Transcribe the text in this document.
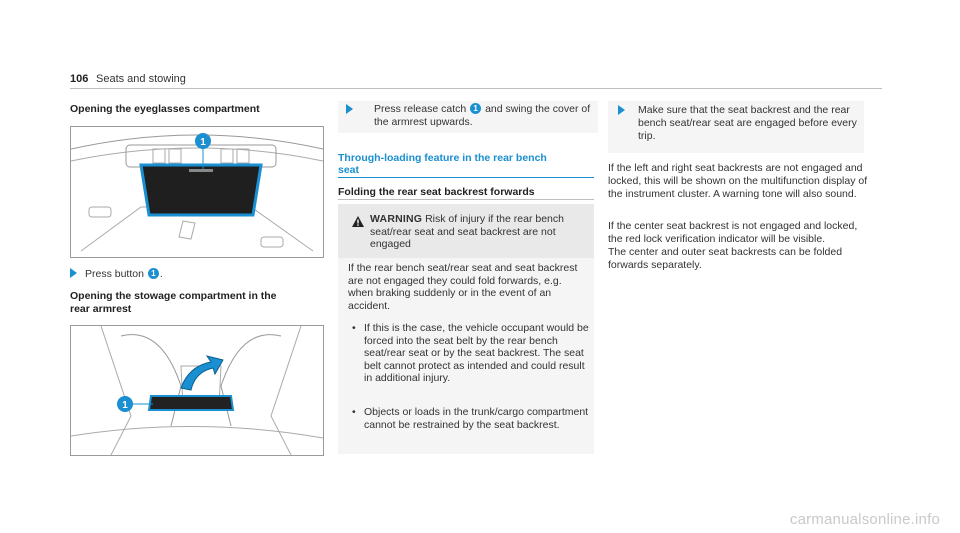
106 Seats and stowing
Opening the eyeglasses compartment
1
Press button 1 .
Opening the stowage compartment in the
rear armrest
1
Press release catch 1 and swing the cover of the armrest upwards.
Through-loading feature in the rear bench
seat
Folding the rear seat backrest forwards
WARNING Risk of injury if the rear bench seat/rear seat and seat backrest are not engaged
If the rear bench seat/rear seat and seat backrest are not engaged they could fold forwards, e.g. when braking suddenly or in the event of an accident.
• If this is the case, the vehicle occupant would be forced into the seat belt by the rear bench seat/rear seat or by the seat backrest. The seat belt cannot protect as intended and could result in additional injury.
• Objects or loads in the trunk/cargo compartment cannot be restrained by the seat backrest.
Make sure that the seat backrest and the rear bench seat/rear seat are engaged before every trip.
If the left and right seat backrests are not engaged and locked, this will be shown on the multifunction display of the instrument cluster. A warning tone will also sound.
If the center seat backrest is not engaged and locked, the red lock verification indicator will be visible.
The center and outer seat backrests can be folded forwards separately.
carmanualsonline.info
